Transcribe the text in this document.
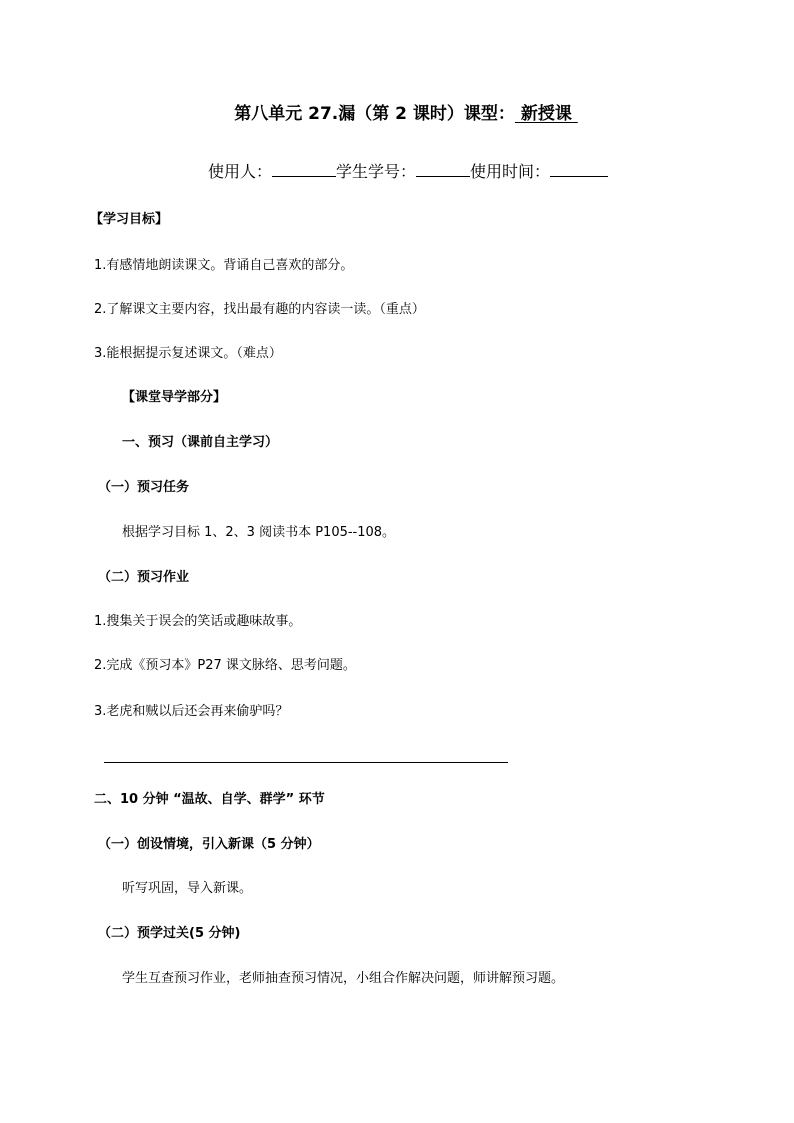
第八单元 27.漏（第 2 课时）课型： 新授课
使用人：	学生学号：	使用时间：
【学习目标】
1.有感情地朗读课文。背诵自己喜欢的部分。
2.了解课文主要内容，找出最有趣的内容读一读。（重点）
3.能根据提示复述课文。（难点）
【课堂导学部分】
一、预习（课前自主学习）
（一）预习任务
根据学习目标 1、2、3 阅读书本 P105--108。
（二）预习作业
1.搜集关于误会的笑话或趣味故事。
2.完成《预习本》P27 课文脉络、思考问题。
3.老虎和贼以后还会再来偷驴吗？
二、10 分钟 “温故、自学、群学” 环节
（一）创设情境，引入新课（5 分钟）
听写巩固，导入新课。
（二）预学过关(5 分钟)
学生互查预习作业，老师抽查预习情况，小组合作解决问题，师讲解预习题。
